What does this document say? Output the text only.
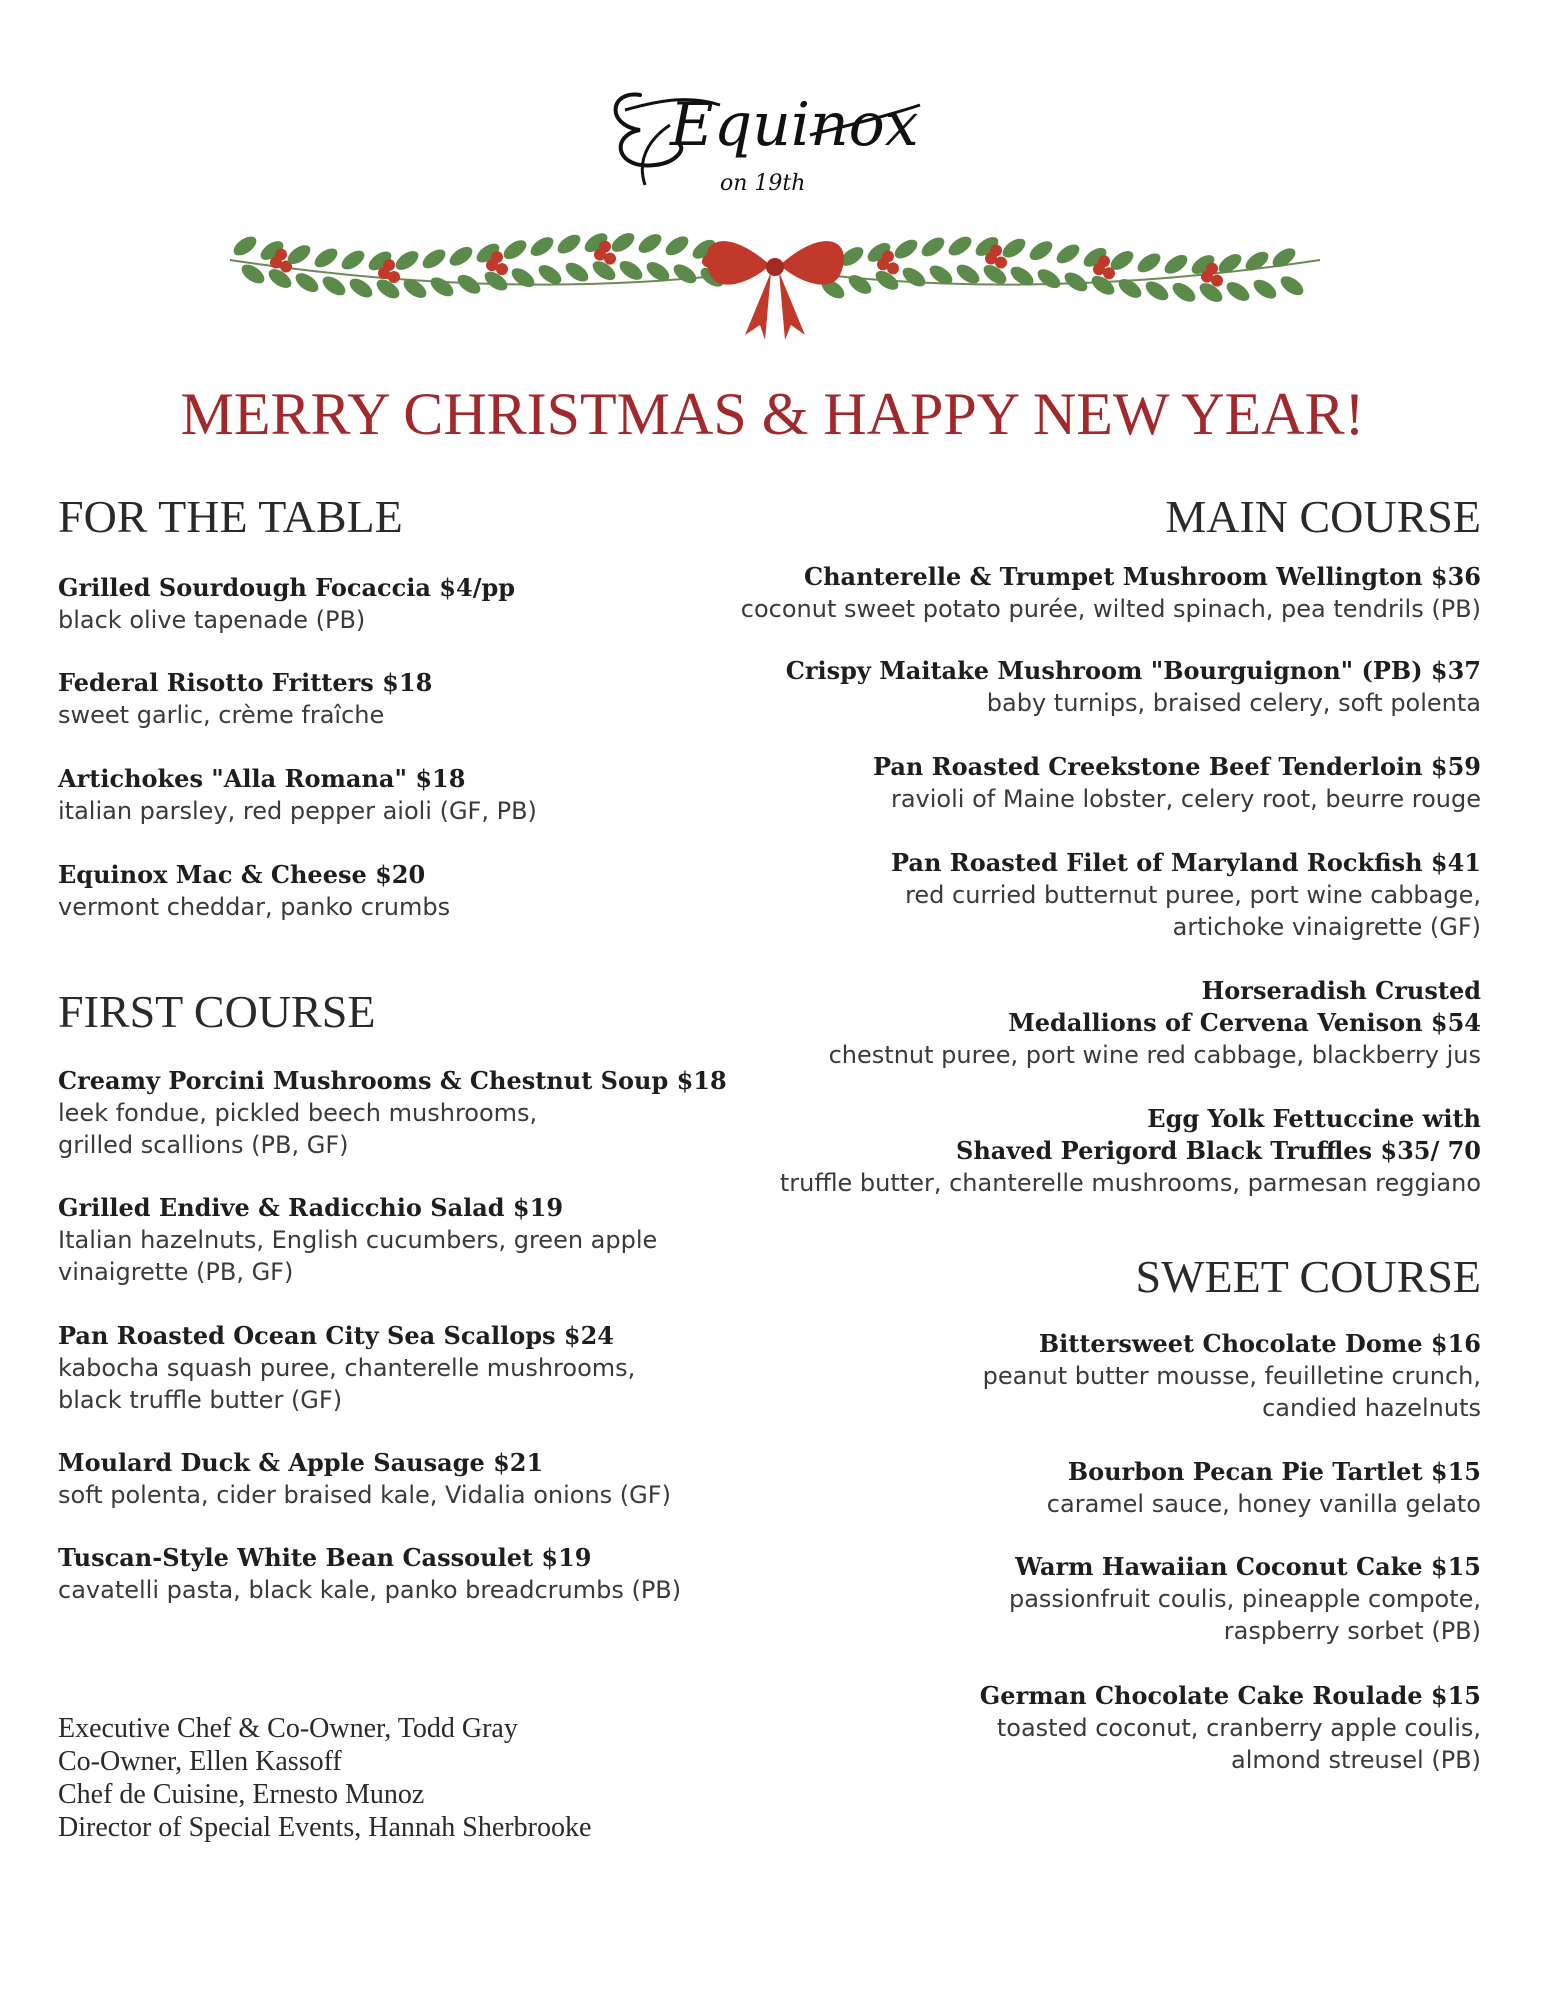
Equinox
on 19th
MERRY CHRISTMAS & HAPPY NEW YEAR!
FOR THE TABLE
Grilled Sourdough Focaccia $4/pp
black olive tapenade (PB)
Federal Risotto Fritters $18
sweet garlic, crème fraîche
Artichokes "Alla Romana" $18
italian parsley, red pepper aioli (GF, PB)
Equinox Mac & Cheese $20
vermont cheddar, panko crumbs
FIRST COURSE
Creamy Porcini Mushrooms & Chestnut Soup $18
leek fondue, pickled beech mushrooms,
grilled scallions (PB, GF)
Grilled Endive & Radicchio Salad $19
Italian hazelnuts, English cucumbers, green apple
vinaigrette (PB, GF)
Pan Roasted Ocean City Sea Scallops $24
kabocha squash puree, chanterelle mushrooms,
black truffle butter (GF)
Moulard Duck & Apple Sausage $21
soft polenta, cider braised kale, Vidalia onions (GF)
Tuscan-Style White Bean Cassoulet $19
cavatelli pasta, black kale, panko breadcrumbs (PB)
MAIN COURSE
Chanterelle & Trumpet Mushroom Wellington $36
coconut sweet potato purée, wilted spinach, pea tendrils (PB)
Crispy Maitake Mushroom "Bourguignon" (PB) $37
baby turnips, braised celery, soft polenta
Pan Roasted Creekstone Beef Tenderloin $59
ravioli of Maine lobster, celery root, beurre rouge
Pan Roasted Filet of Maryland Rockfish $41
red curried butternut puree, port wine cabbage,
artichoke vinaigrette (GF)
Horseradish Crusted
Medallions of Cervena Venison $54
chestnut puree, port wine red cabbage, blackberry jus
Egg Yolk Fettuccine with
Shaved Perigord Black Truffles $35/ 70
truffle butter, chanterelle mushrooms, parmesan reggiano
SWEET COURSE
Bittersweet Chocolate Dome $16
peanut butter mousse, feuilletine crunch,
candied hazelnuts
Bourbon Pecan Pie Tartlet $15
caramel sauce, honey vanilla gelato
Warm Hawaiian Coconut Cake $15
passionfruit coulis, pineapple compote,
raspberry sorbet (PB)
German Chocolate Cake Roulade $15
toasted coconut, cranberry apple coulis,
almond streusel (PB)
Executive Chef & Co-Owner, Todd Gray
Co-Owner, Ellen Kassoff
Chef de Cuisine, Ernesto Munoz
Director of Special Events, Hannah Sherbrooke
